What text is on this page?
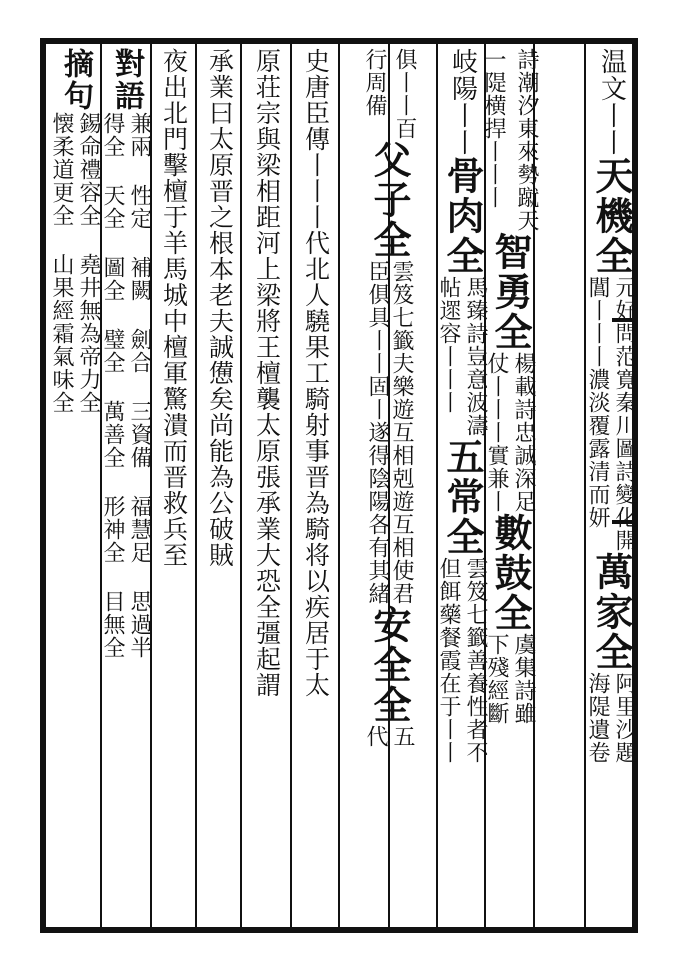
温文丨丨
天機全
元好問范寛秦川圖詩變化開
閶丨丨丨濃淡覆露清而妍
萬家全
阿里沙題
海隄遺卷
詩潮汐東來勢蹴天
一隄横捍丨丨丨
智勇全
楊載詩忠誠深足
仗丨丨丨實兼丨
數鼓全
虞集詩雖
下殘經斷
岐陽丨丨
骨肉全
馬臻詩豈意波濤
帖遝容丨丨丨
五常全
雲笈七籤善養性者不
但餌藥餐霞在于丨丨
俱丨丨百
行周備
父子全
雲笈七籤夫樂遊互相剋遊互相使君
臣俱具丨丨固丨遂得陰陽各有其緒
安全全
五
代
史唐臣傳丨丨丨代北人驍果工騎射事晋為騎将以疾居于太
原荘宗與梁相距河上梁將王檀襲太原張承業大恐全彊起謂
承業曰太原晋之根本老夫誠憊矣尚能為公破賊
夜出北門擊檀于羊馬城中檀軍驚潰而晋救兵至
對語
兼兩 性定 補闕 劍合 三資備 福慧足 思過半
得全 天全 圖全 璧全 萬善全 形神全 目無全
摘句
錫命禮容全 堯井無為帝力全
懐柔道更全 山果經霜氣味全
